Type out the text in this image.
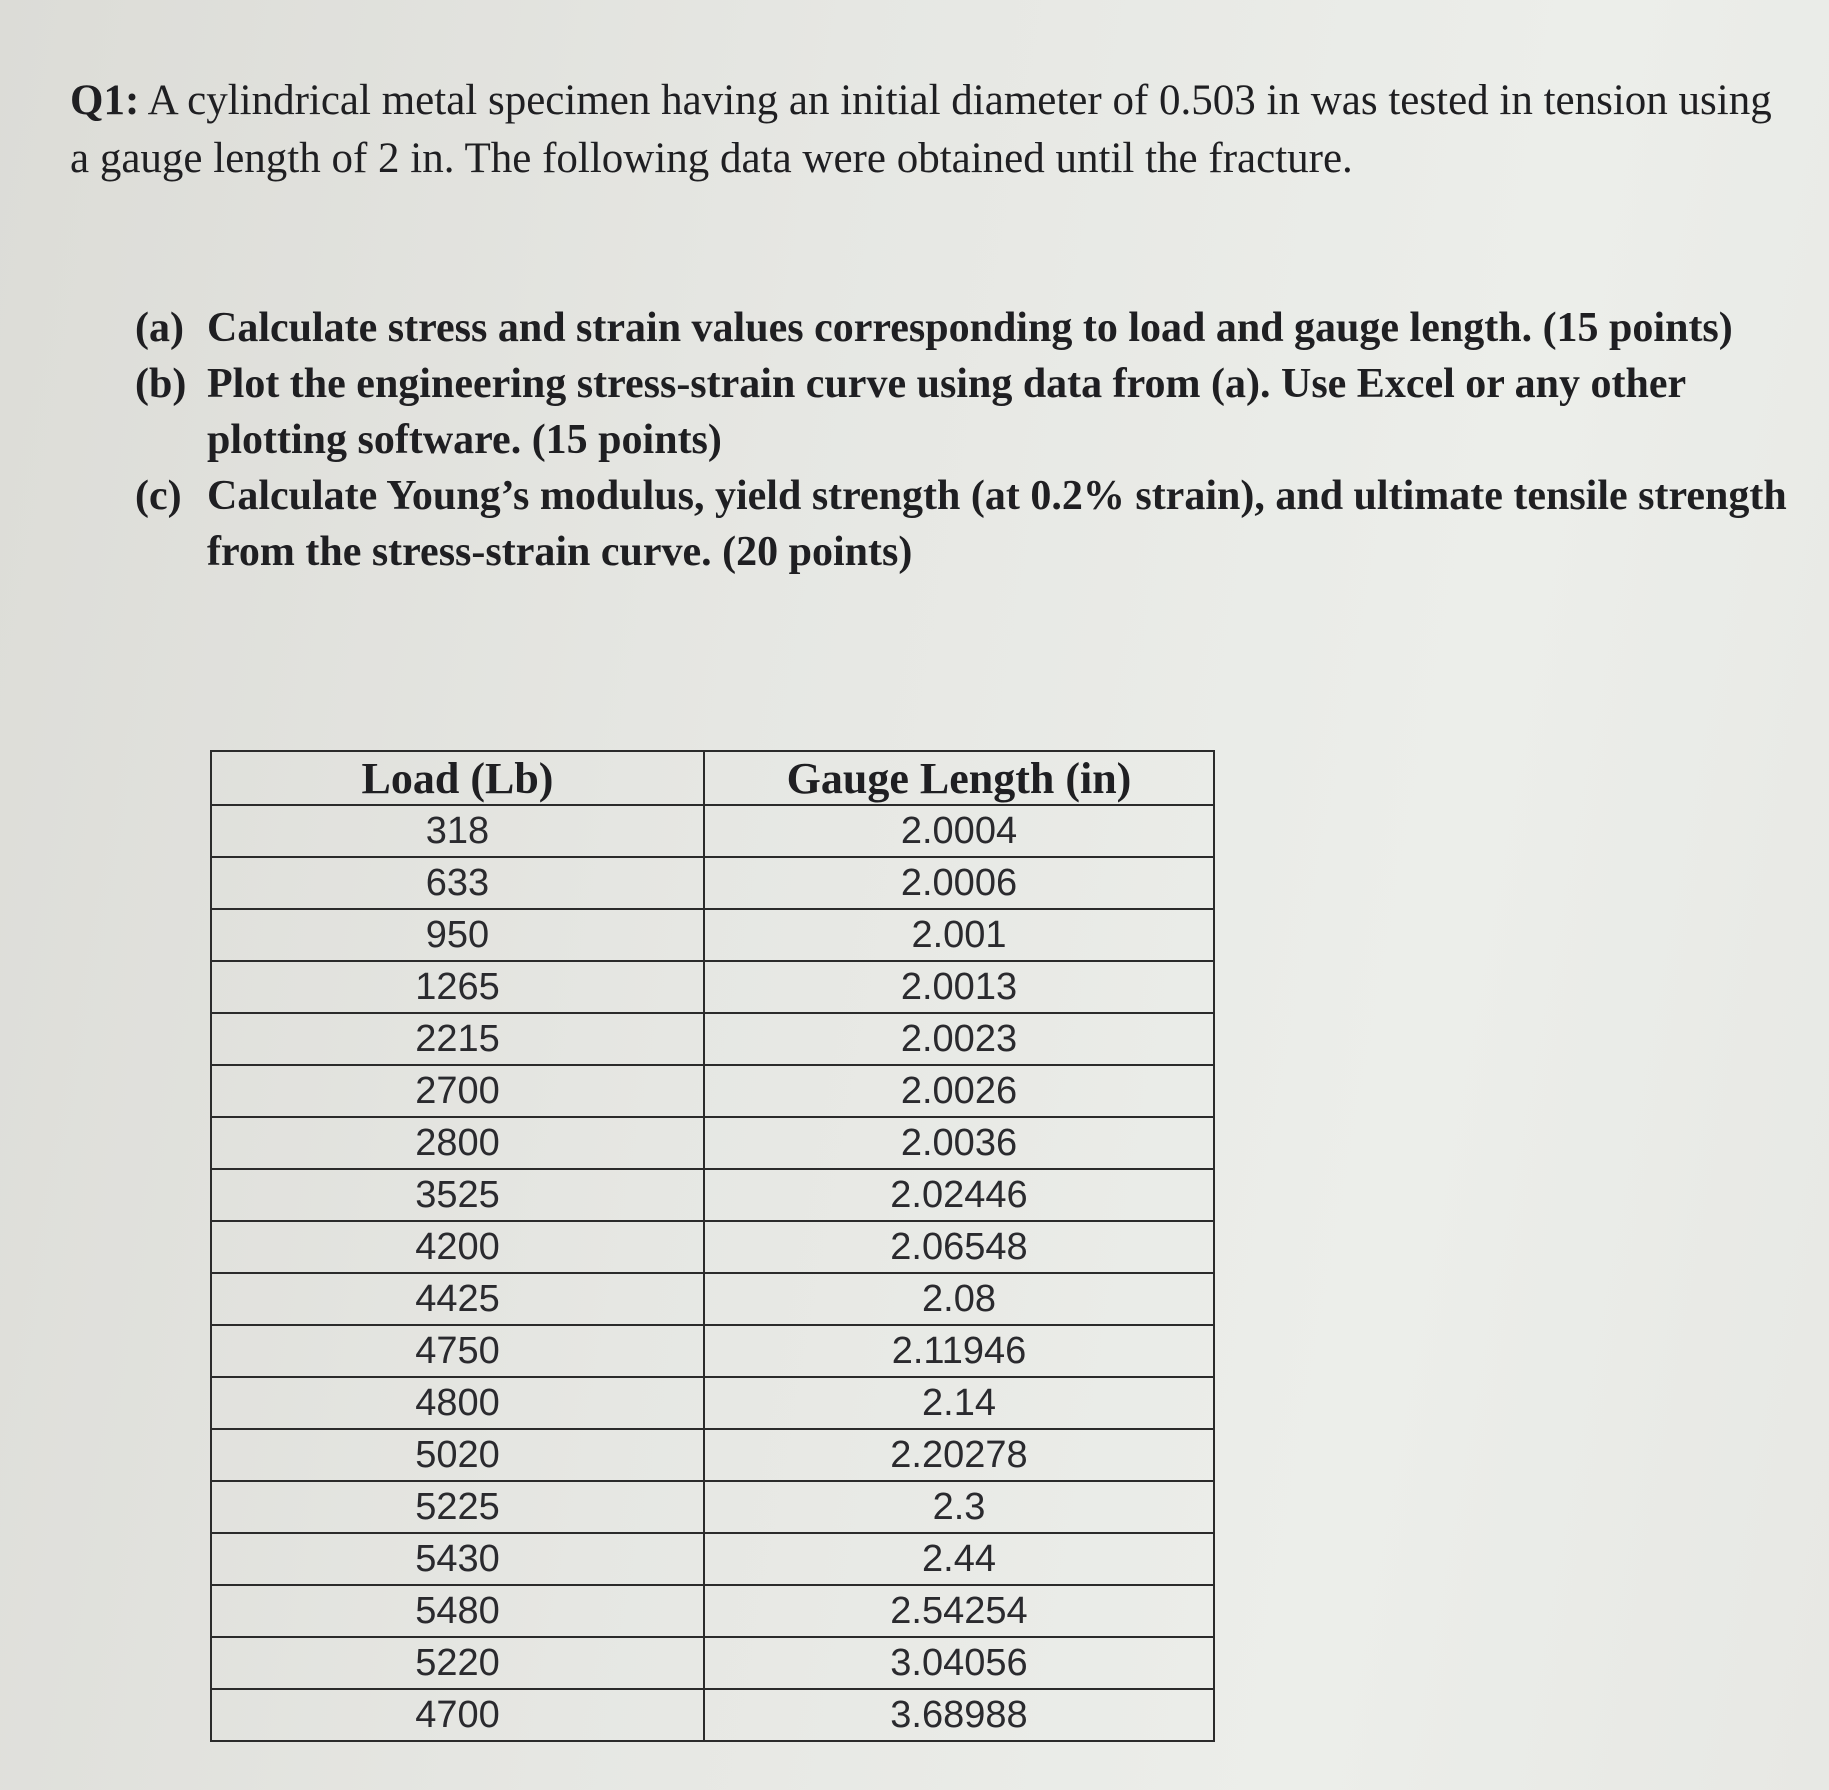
Q1: A cylindrical metal specimen having an initial diameter of 0.503 in was tested in tension using a gauge length of 2 in. The following data were obtained until the fracture.
(a) Calculate stress and strain values corresponding to load and gauge length. (15 points)
(b) Plot the engineering stress-strain curve using data from (a). Use Excel or any other plotting software. (15 points)
(c) Calculate Young’s modulus, yield strength (at 0.2% strain), and ultimate tensile strength from the stress-strain curve. (20 points)
Load (Lb)	Gauge Length (in)
318	2.0004
633	2.0006
950	2.001
1265	2.0013
2215	2.0023
2700	2.0026
2800	2.0036
3525	2.02446
4200	2.06548
4425	2.08
4750	2.11946
4800	2.14
5020	2.20278
5225	2.3
5430	2.44
5480	2.54254
5220	3.04056
4700	3.68988
